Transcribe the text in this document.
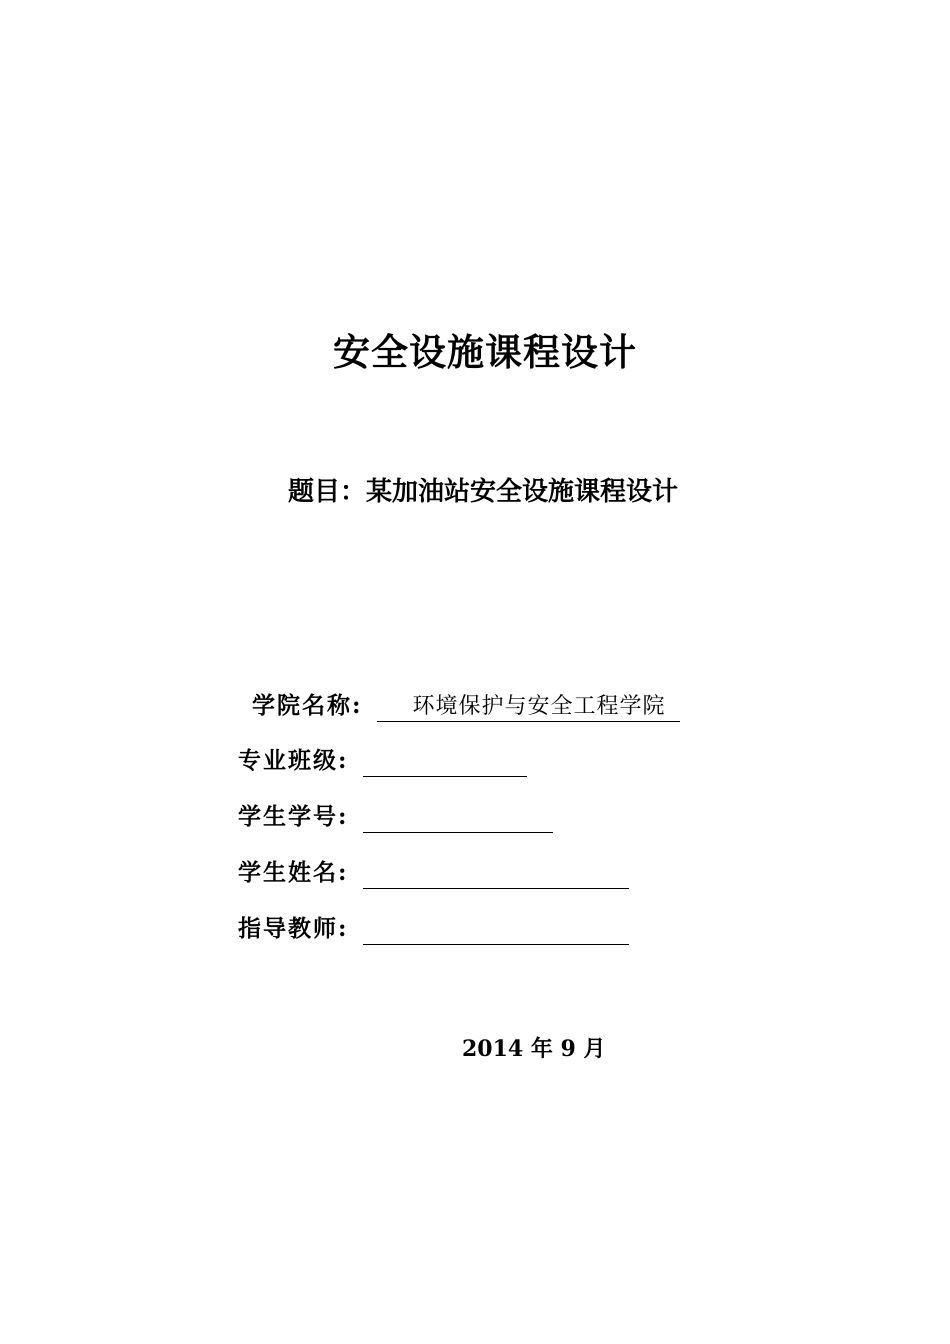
安全设施课程设计
题目：某加油站安全设施课程设计
学院名称:	环境保护与安全工程学院
专业班级:
学生学号:
学生姓名:
指导教师:
2014 年 9 月
